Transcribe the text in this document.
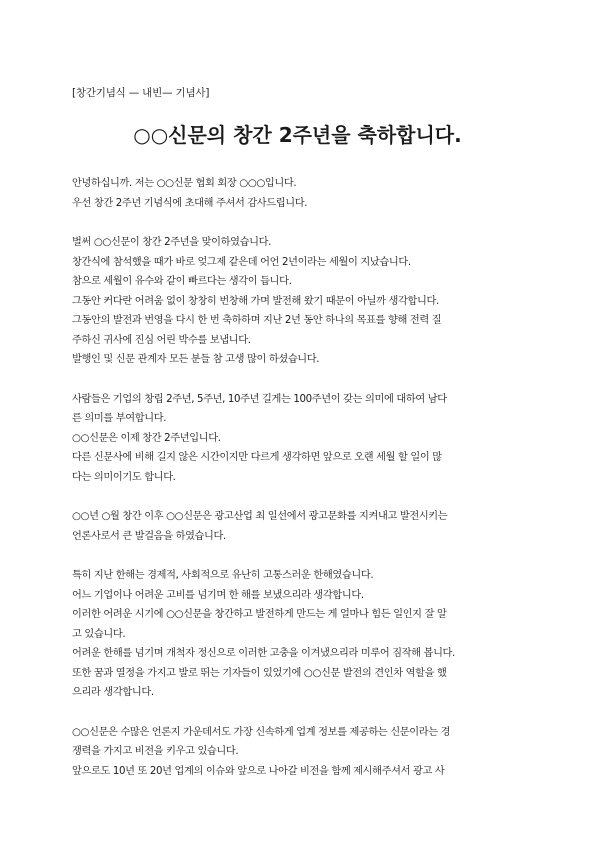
[창간기념식 — 내빈— 기념사]
○○신문의 창간 2주년을 축하합니다.
안녕하십니까. 저는 ○○신문 협회 회장 ○○○입니다.
우선 창간 2주년 기념식에 초대해 주셔서 감사드립니다.
벌써 ○○신문이 창간 2주년을 맞이하였습니다.
창간식에 참석했을 때가 바로 엊그제 같은데 어언 2년이라는 세월이 지났습니다.
참으로 세월이 유수와 같이 빠르다는 생각이 듭니다.
그동안 커다란 어려움 없이 창창히 번창해 가며 발전해 왔기 때문이 아닐까 생각합니다.
그동안의 발전과 번영을 다시 한 번 축하하며 지난 2년 동안 하나의 목표를 향해 전력 질
주하신 귀사에 진심 어린 박수를 보냅니다.
발행인 및 신문 관계자 모든 분들 참 고생 많이 하셨습니다.
사람들은 기업의 창립 2주년, 5주년, 10주년 길게는 100주년이 갖는 의미에 대하여 남다
른 의미를 부여합니다.
○○신문은 이제 창간 2주년입니다.
다른 신문사에 비해 길지 않은 시간이지만 다르게 생각하면 앞으로 오랜 세월 할 일이 많
다는 의미이기도 합니다.
○○년 ○월 창간 이후 ○○신문은 광고산업 최 일선에서 광고문화를 지켜내고 발전시키는
언론사로서 큰 발걸음을 하였습니다.
특히 지난 한해는 경제적, 사회적으로 유난히 고통스러운 한해였습니다.
어느 기업이나 어려운 고비를 넘기며 한 해를 보냈으리라 생각합니다.
이러한 어려운 시기에 ○○신문을 창간하고 발전하게 만드는 게 얼마나 힘든 일인지 잘 알
고 있습니다.
어려운 한해를 넘기며 개척자 정신으로 이러한 고충을 이겨냈으리라 미루어 짐작해 봅니다.
또한 꿈과 열정을 가지고 발로 뛰는 기자들이 있었기에 ○○신문 발전의 견인차 역할을 했
으리라 생각합니다.
○○신문은 수많은 언론지 가운데서도 가장 신속하게 업계 정보를 제공하는 신문이라는 경
쟁력을 가지고 비전을 키우고 있습니다.
앞으로도 10년 또 20년 업계의 이슈와 앞으로 나아갈 비전을 함께 제시해주셔서 광고 사
